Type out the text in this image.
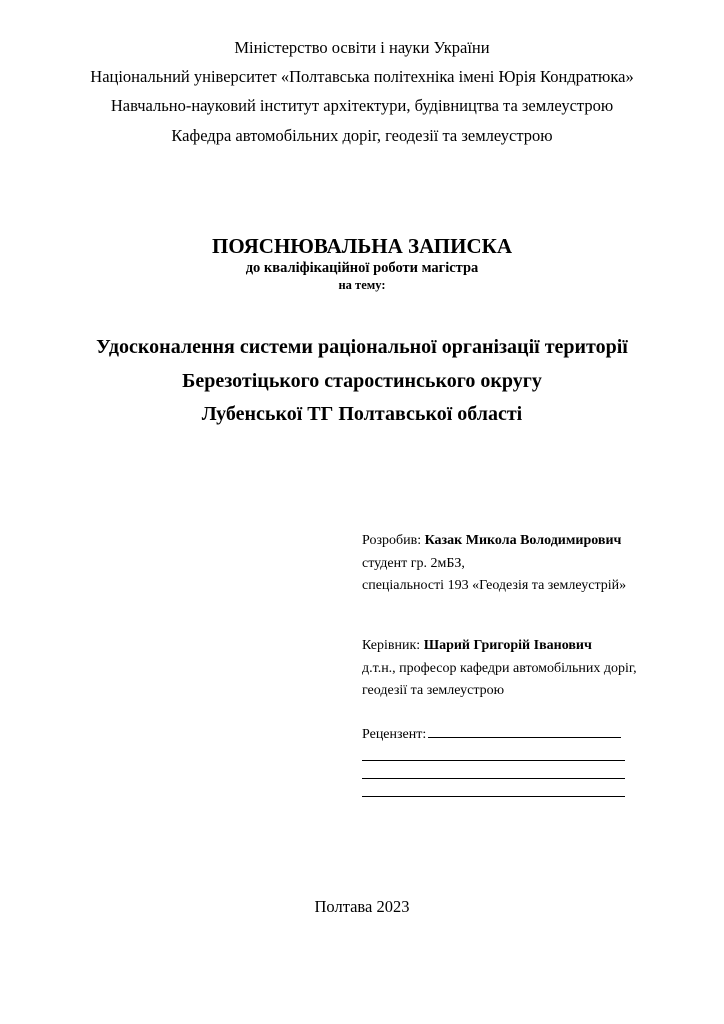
Міністерство освіти і науки України
Національний університет «Полтавська політехніка імені Юрія Кондратюка»
Навчально-науковий інститут архітектури, будівництва та землеустрою
Кафедра автомобільних доріг, геодезії та землеустрою
ПОЯСНЮВАЛЬНА ЗАПИСКА
до кваліфікаційної роботи магістра
на тему:
Удосконалення системи раціональної організації території
Березотіцького старостинського округу
Лубенської ТГ Полтавської області
Розробив: Казак Микола Володимирович
студент гр. 2мБЗ,
спеціальності 193 «Геодезія та землеустрій»
Керівник: Шарий Григорій Іванович
д.т.н., професор кафедри автомобільних доріг,
геодезії та землеустрою
Рецензент:
Полтава 2023
